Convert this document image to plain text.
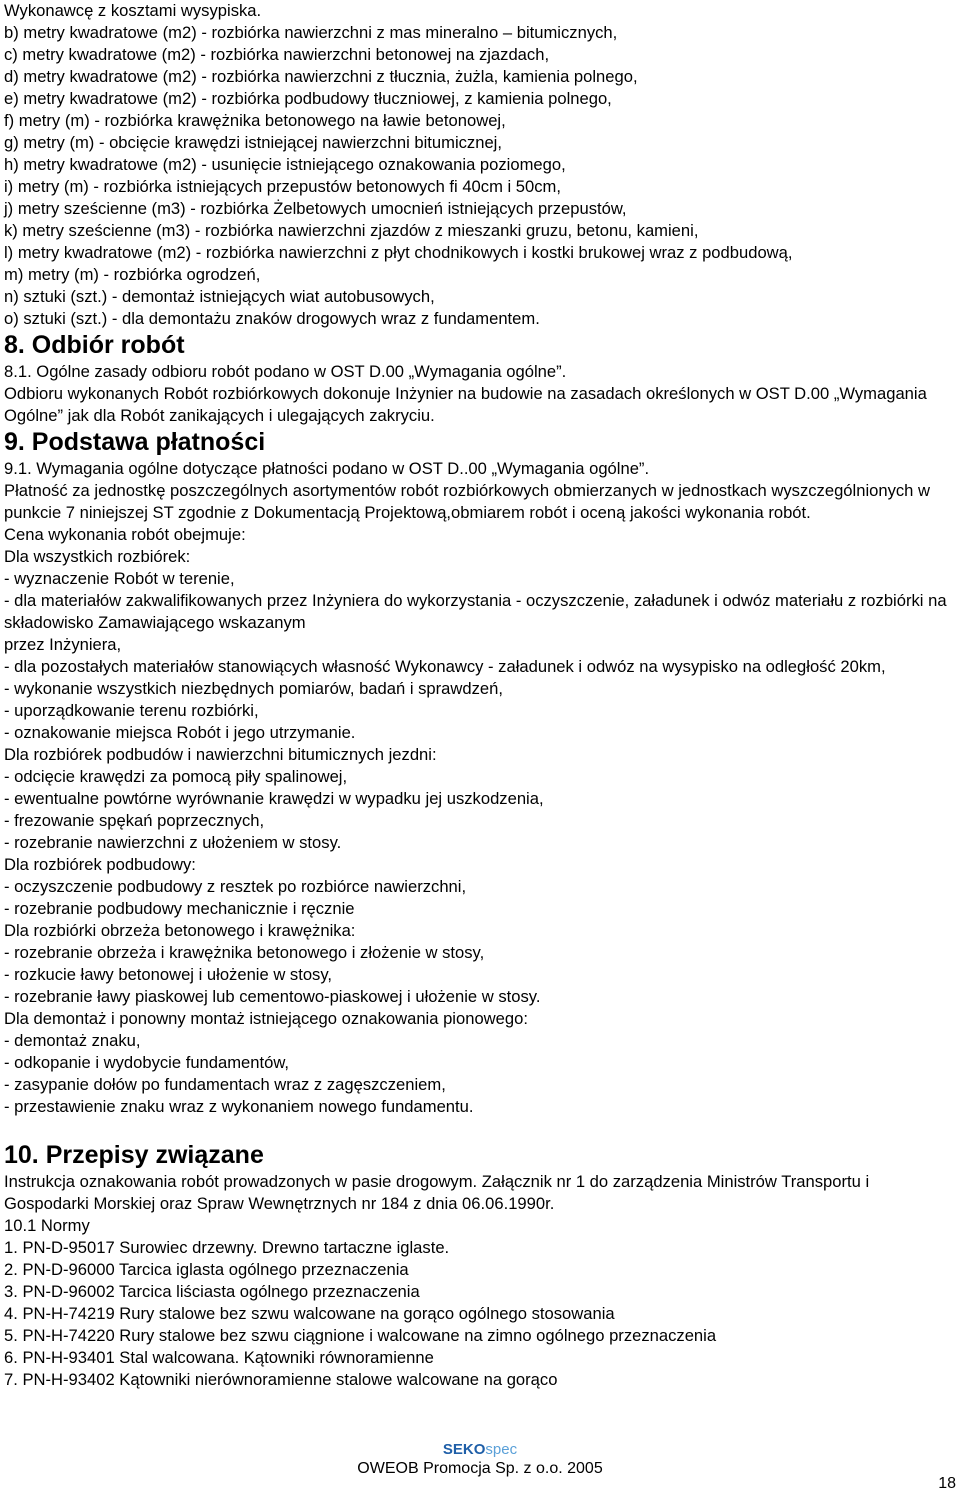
Wykonawcę z kosztami wysypiska.
b) metry kwadratowe (m2) - rozbiórka nawierzchni z mas mineralno – bitumicznych,
c) metry kwadratowe (m2) - rozbiórka nawierzchni betonowej na zjazdach,
d) metry kwadratowe (m2) - rozbiórka nawierzchni z tłucznia, żużla, kamienia polnego,
e) metry kwadratowe (m2) - rozbiórka podbudowy tłuczniowej, z kamienia polnego,
f) metry (m) - rozbiórka krawężnika betonowego na ławie betonowej,
g) metry (m) - obcięcie krawędzi istniejącej nawierzchni bitumicznej,
h) metry kwadratowe (m2) - usunięcie istniejącego oznakowania poziomego,
i) metry (m) - rozbiórka istniejących przepustów betonowych fi 40cm i 50cm,
j) metry sześcienne (m3) - rozbiórka Żelbetowych umocnień istniejących przepustów,
k) metry sześcienne (m3) - rozbiórka nawierzchni zjazdów z mieszanki gruzu, betonu, kamieni,
l) metry kwadratowe (m2) - rozbiórka nawierzchni z płyt chodnikowych i kostki brukowej wraz z podbudową,
m) metry (m) - rozbiórka ogrodzeń,
n) sztuki (szt.) - demontaż istniejących wiat autobusowych,
o) sztuki (szt.) - dla demontażu znaków drogowych wraz z fundamentem.
8. Odbiór robót
8.1. Ogólne zasady odbioru robót podano w OST D.00 „Wymagania ogólne”.
Odbioru wykonanych Robót rozbiórkowych dokonuje Inżynier na budowie na zasadach określonych w OST D.00 „Wymagania Ogólne” jak dla Robót zanikających i ulegających zakryciu.
9. Podstawa płatności
9.1. Wymagania ogólne dotyczące płatności podano w OST D..00 „Wymagania ogólne”.
Płatność za jednostkę poszczególnych asortymentów robót rozbiórkowych obmierzanych w jednostkach wyszczególnionych w punkcie 7 niniejszej ST zgodnie z Dokumentacją Projektową,obmiarem robót i oceną jakości wykonania robót.
Cena wykonania robót obejmuje:
Dla wszystkich rozbiórek:
- wyznaczenie Robót w terenie,
- dla materiałów zakwalifikowanych przez Inżyniera do wykorzystania - oczyszczenie, załadunek i odwóz materiału z rozbiórki na składowisko Zamawiającego wskazanym
przez Inżyniera,
- dla pozostałych materiałów stanowiących własność Wykonawcy - załadunek i odwóz na wysypisko na odległość 20km,
- wykonanie wszystkich niezbędnych pomiarów, badań i sprawdzeń,
- uporządkowanie terenu rozbiórki,
- oznakowanie miejsca Robót i jego utrzymanie.
Dla rozbiórek podbudów i nawierzchni bitumicznych jezdni:
- odcięcie krawędzi za pomocą piły spalinowej,
- ewentualne powtórne wyrównanie krawędzi w wypadku jej uszkodzenia,
- frezowanie spękań poprzecznych,
- rozebranie nawierzchni z ułożeniem w stosy.
Dla rozbiórek podbudowy:
- oczyszczenie podbudowy z resztek po rozbiórce nawierzchni,
- rozebranie podbudowy mechanicznie i ręcznie
Dla rozbiórki obrzeża betonowego i krawężnika:
- rozebranie obrzeża i krawężnika betonowego i złożenie w stosy,
- rozkucie ławy betonowej i ułożenie w stosy,
- rozebranie ławy piaskowej lub cementowo-piaskowej i ułożenie w stosy.
Dla demontaż i ponowny montaż istniejącego oznakowania pionowego:
- demontaż znaku,
- odkopanie i wydobycie fundamentów,
- zasypanie dołów po fundamentach wraz z zagęszczeniem,
- przestawienie znaku wraz z wykonaniem nowego fundamentu.
10. Przepisy związane
Instrukcja oznakowania robót prowadzonych w pasie drogowym. Załącznik nr 1 do zarządzenia Ministrów Transportu i Gospodarki Morskiej oraz Spraw Wewnętrznych nr 184 z dnia 06.06.1990r.
10.1 Normy
1. PN-D-95017 Surowiec drzewny. Drewno tartaczne iglaste.
2. PN-D-96000 Tarcica iglasta ogólnego przeznaczenia
3. PN-D-96002 Tarcica liściasta ogólnego przeznaczenia
4. PN-H-74219 Rury stalowe bez szwu walcowane na gorąco ogólnego stosowania
5. PN-H-74220 Rury stalowe bez szwu ciągnione i walcowane na zimno ogólnego przeznaczenia
6. PN-H-93401 Stal walcowana. Kątowniki równoramienne
7. PN-H-93402 Kątowniki nierównoramienne stalowe walcowane na gorąco
SEKOspec
OWEOB Promocja Sp. z o.o. 2005
18
